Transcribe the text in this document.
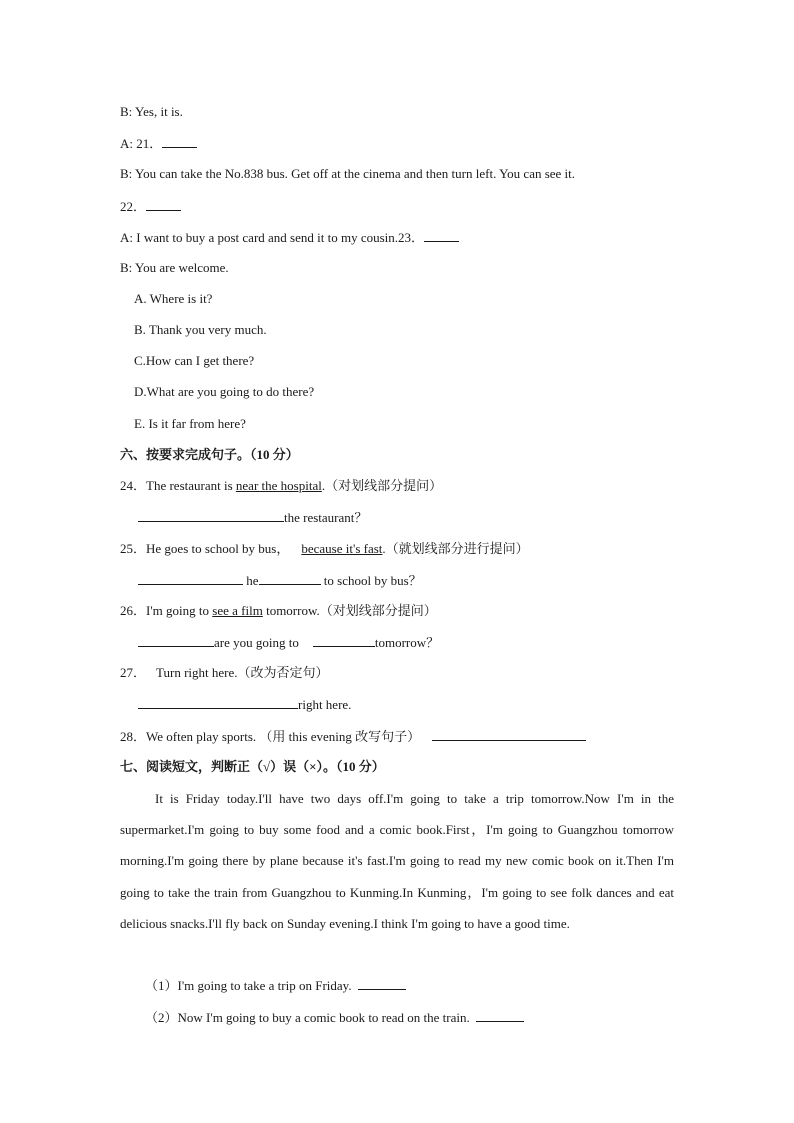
B: Yes, it is.
A: 21．
B: You can take the No.838 bus. Get off at the cinema and then turn left. You can see it.
22．
A: I want to buy a post card and send it to my cousin.23．
B: You are welcome.
A. Where is it?
B. Thank you very much.
C.How can I get there?
D.What are you going to do there?
E. Is it far from here?
六、按要求完成句子。（10 分）
24．The restaurant is near the hospital.（对划线部分提问）
the restaurant？
25．He goes to school by bus， because it's fast.（就划线部分进行提问）
he	to school by bus？
26．I'm going to see a film tomorrow.（对划线部分提问）
are you going to	tomorrow？
27． Turn right here.（改为否定句）
right here.
28．We often play sports. （用 this evening 改写句子）
七、阅读短文，判断正（√）误（×）。（10 分）
It is Friday today.I'll have two days off.I'm going to take a trip tomorrow.Now I'm in the supermarket.I'm going to buy some food and a comic book.First，I'm going to Guangzhou tomorrow morning.I'm going there by plane because it's fast.I'm going to read my new comic book on it.Then I'm going to take the train from Guangzhou to Kunming.In Kunming，I'm going to see folk dances and eat delicious snacks.I'll fly back on Sunday evening.I think I'm going to have a good time.
（1）I'm going to take a trip on Friday.
（2）Now I'm going to buy a comic book to read on the train.
